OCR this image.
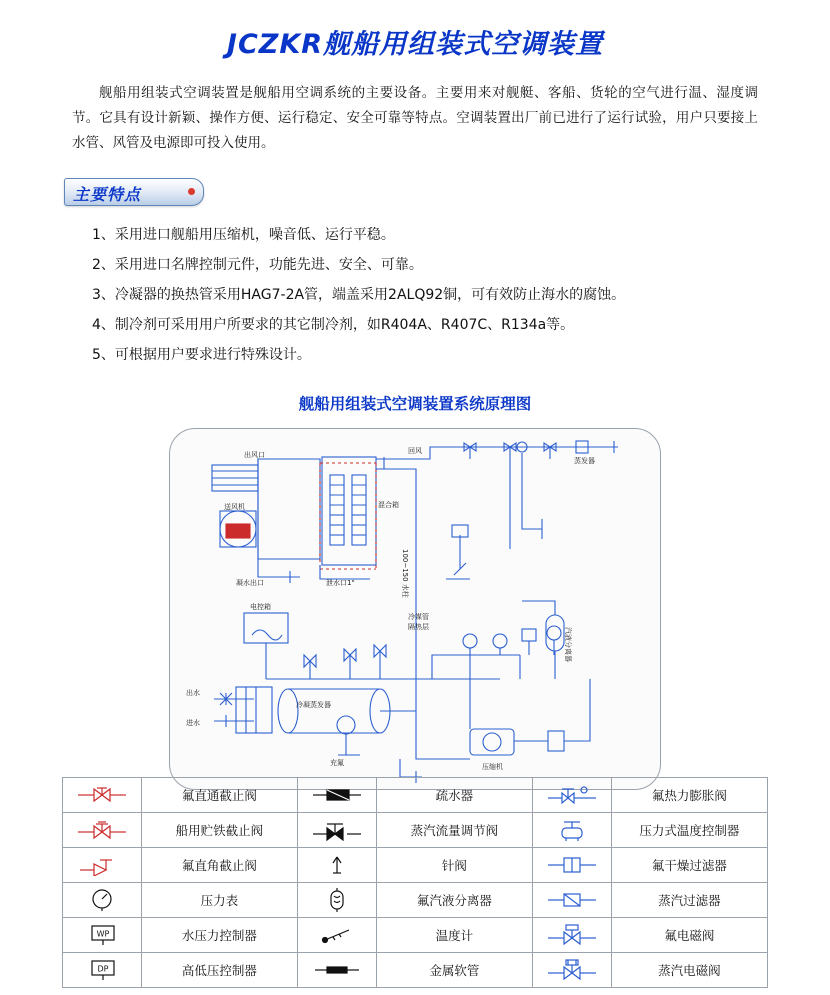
JCZKR舰船用组装式空调装置

舰船用组装式空调装置是舰船用空调系统的主要设备。主要用来对舰艇、客船、货轮的空气进行温、湿度调节。它具有设计新颖、操作方便、运行稳定、安全可靠等特点。空调装置出厂前已进行了运行试验，用户只要接上水管、风管及电源即可投入使用。

主要特点
1、采用进口舰船用压缩机，噪音低、运行平稳。
2、采用进口名牌控制元件，功能先进、安全、可靠。
3、冷凝器的换热管采用HAG7-2A管，端盖采用2ALQ92铜，可有效防止海水的腐蚀。
4、制冷剂可采用用户所要求的其它制冷剂，如R404A、R407C、R134a等。
5、可根据用户要求进行特殊设计。
舰船用组装式空调装置系统原理图
出风口	回风
蒸发器
送风机	混合箱
100~150 水柱
凝水出口	泄水口1"
电控箱
冷媒管
隔热层	汽液分离器
出水
进水
冷凝蒸发器
充氟	压缩机
	氟直通截止阀		疏水器		氟热力膨胀阀
	船用贮铁截止阀		蒸汽流量调节阀		压力式温度控制器
	氟直角截止阀		针阀		氟干燥过滤器
	压力表		氟汽液分离器		蒸汽过滤器

WP	水压力控制器		温度计		氟电磁阀

DP	高低压控制器		金属软管		蒸汽电磁阀
